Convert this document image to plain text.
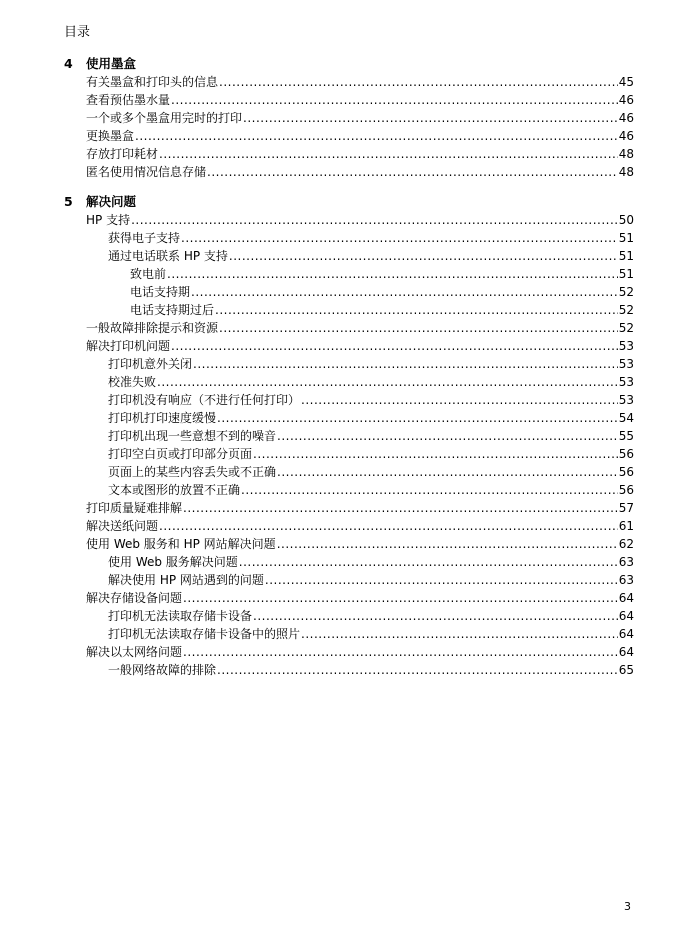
目录
4	使用墨盒
有关墨盒和打印头的信息 .....	45
查看预估墨水量 .....	46
一个或多个墨盒用完时的打印 .....	46
更换墨盒 .....	46
存放打印耗材 .....	48
匿名使用情况信息存储 .....	48
5	解决问题
HP 支持 .....	50
获得电子支持 .....	51
通过电话联系 HP 支持 .....	51
致电前 .....	51
电话支持期 .....	52
电话支持期过后 .....	52
一般故障排除提示和资源 .....	52
解决打印机问题 .....	53
打印机意外关闭 .....	53
校准失败 .....	53
打印机没有响应（不进行任何打印） .....	53
打印机打印速度缓慢 .....	54
打印机出现一些意想不到的噪音 .....	55
打印空白页或打印部分页面 .....	56
页面上的某些内容丢失或不正确 .....	56
文本或图形的放置不正确 .....	56
打印质量疑难排解 .....	57
解决送纸问题 .....	61
使用 Web 服务和 HP 网站解决问题 .....	62
使用 Web 服务解决问题 .....	63
解决使用 HP 网站遇到的问题 .....	63
解决存储设备问题 .....	64
打印机无法读取存储卡设备 .....	64
打印机无法读取存储卡设备中的照片 .....	64
解决以太网络问题 .....	64
一般网络故障的排除 .....	65
3
